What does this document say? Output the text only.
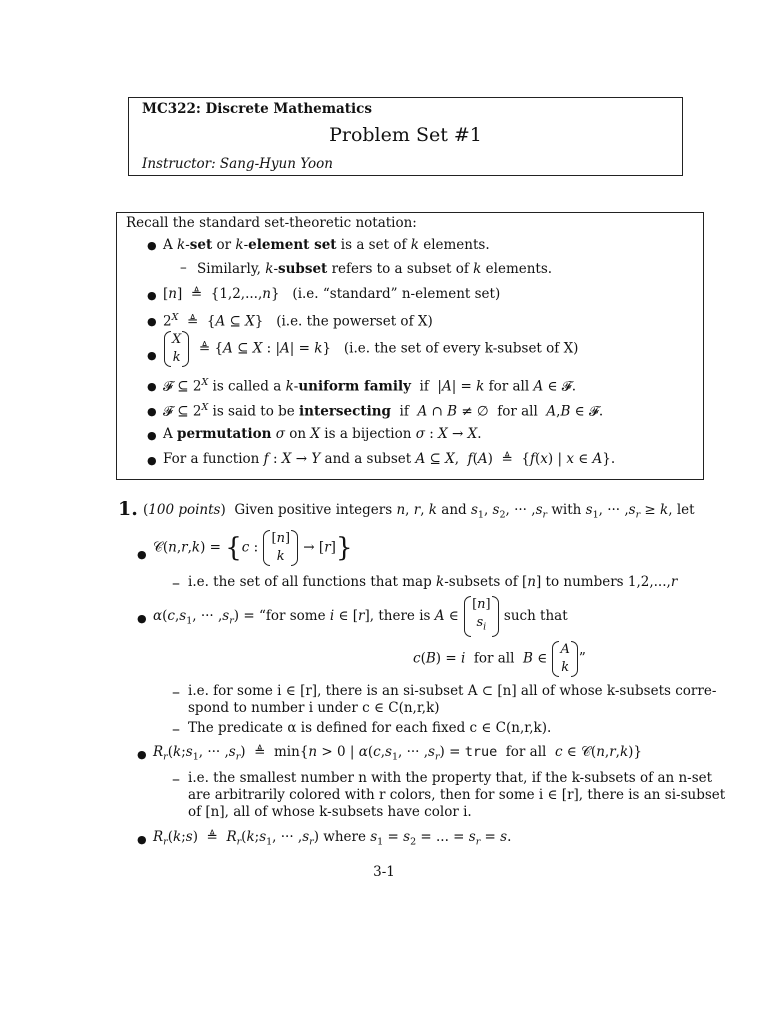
MC322: Discrete Mathematics
Problem Set #1
Instructor: Sang-Hyun Yoon
Recall the standard set-theoretic notation:
● A k-set or k-element set is a set of k elements.
– Similarly, k-subset refers to a subset of k elements.
● [n]  ≜  {1,2,...,n}   (i.e. “standard” n-element set)
● $2^X$  ≜  {A ⊆ X}   (i.e. the powerset of X)
●
X
k
≜ {A ⊆ X : |A| = k}   (i.e. the set of every k-subset of X)
● 𝓕 ⊆ $2^X$ is called a k-uniform family  if  |A| = k for all A ∈ 𝓕.
● 𝓕 ⊆ $2^X$ is said to be intersecting  if  A ∩ B ≠ ∅  for all  A,B ∈ 𝓕.
● A permutation σ on X is a bijection σ : X → X.
● For a function f : X → Y and a subset A ⊆ X,  f(A)  ≜  {f(x) | x ∈ A}.
1. (100 points)  Given positive integers n, r, k and $s_1$, $s_2$, ··· $,s_r$ with $s_1$, ··· $,s_r \ge k$, let
● 𝒞(n,r,k) = {c :
[n]
k
→ [r]}
– i.e. the set of all functions that map k-subsets of [n] to numbers 1,2,...,r
● $\alpha(c,s_1$, ··· $,s_r$) = “for some i ∈ [r], there is A ∈
[n]
$s_i$
such that
c(B) = i  for all  B ∈
A
k
”
– i.e. for some i ∈ [r], there is an si-subset A ⊂ [n] all of whose k-subsets corre-
spond to number i under c ∈ C(n,r,k)
– The predicate α is defined for each fixed c ∈ C(n,r,k).
● $R_r(k;s_1$, ··· $,s_r$)  ≜  min{n > 0 | $\alpha(c,s_1$, ··· $,s_r$) = true  for all  c ∈ 𝒞(n,r,k)}
– i.e. the smallest number n with the property that, if the k-subsets of an n-set
are arbitrarily colored with r colors, then for some i ∈ [r], there is an si-subset
of [n], all of whose k-subsets have color i.
● $R_r(k;s)$  ≜  $R_r(k;s_1$, ··· $,s_r$) where $s_1 = s_2$ = ... = $s_r = s$.
3-1
